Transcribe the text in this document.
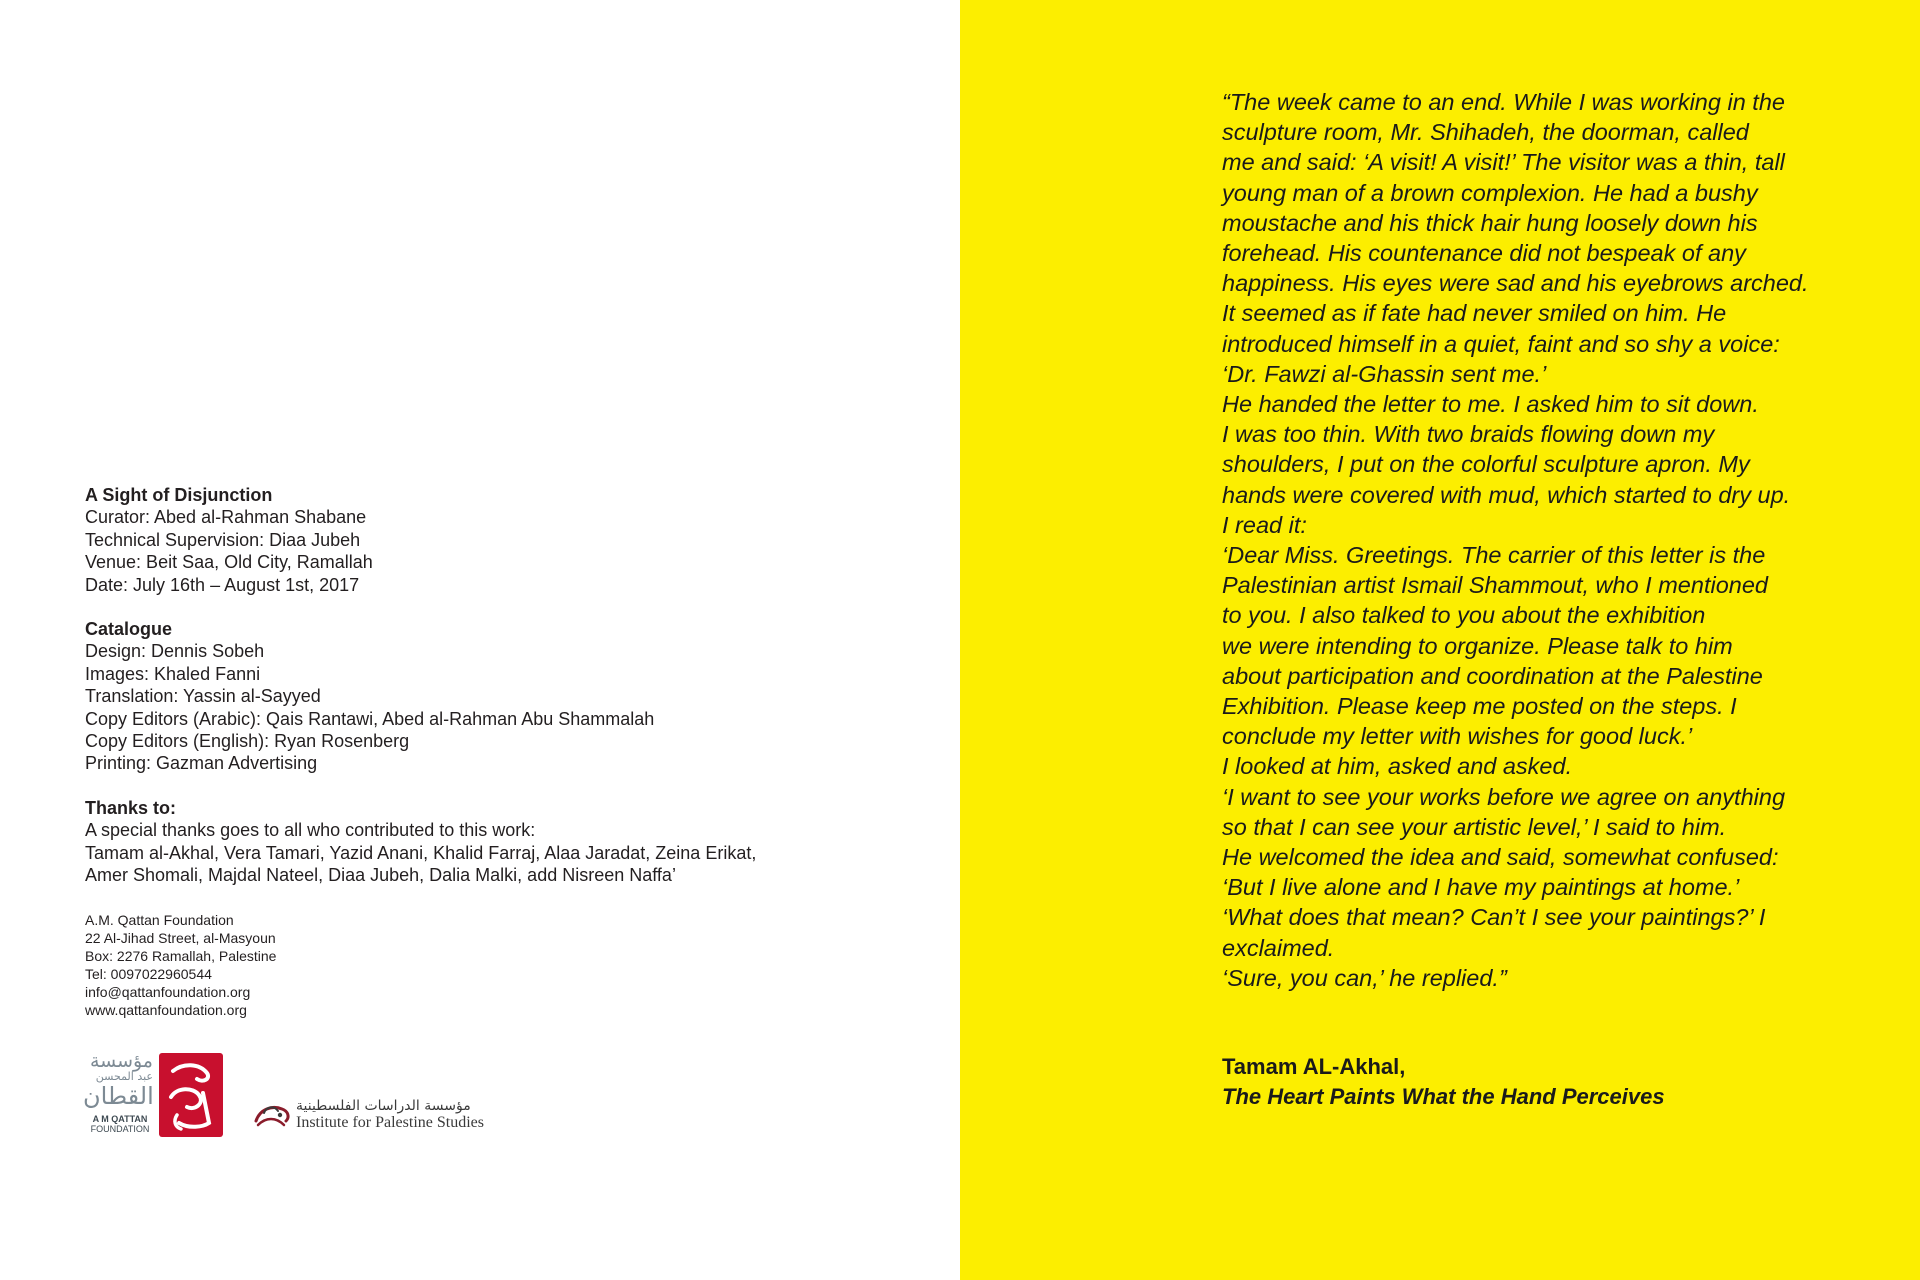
A Sight of Disjunction
Curator: Abed al-Rahman Shabane
Technical Supervision: Diaa Jubeh
Venue: Beit Saa, Old City, Ramallah
Date: July 16th – August 1st, 2017
Catalogue
Design: Dennis Sobeh
Images: Khaled Fanni
Translation: Yassin al-Sayyed
Copy Editors (Arabic): Qais Rantawi, Abed al-Rahman Abu Shammalah
Copy Editors (English): Ryan Rosenberg
Printing: Gazman Advertising
Thanks to:
A special thanks goes to all who contributed to this work:
Tamam al-Akhal, Vera Tamari, Yazid Anani, Khalid Farraj, Alaa Jaradat, Zeina Erikat,
Amer Shomali, Majdal Nateel, Diaa Jubeh, Dalia Malki, add Nisreen Naffa’
A.M. Qattan Foundation
22 Al-Jihad Street, al-Masyoun
Box: 2276 Ramallah, Palestine
Tel: 0097022960544
info@qattanfoundation.org
www.qattanfoundation.org
مؤسسة
عبد المحسن
القطان
A M QATTAN
FOUNDATION
مؤسسة الدراسات الفلسطينية
Institute for Palestine Studies
“The week came to an end. While I was working in the
sculpture room, Mr. Shihadeh, the doorman, called
me and said: ‘A visit! A visit!’ The visitor was a thin, tall
young man of a brown complexion. He had a bushy
moustache and his thick hair hung loosely down his
forehead. His countenance did not bespeak of any
happiness. His eyes were sad and his eyebrows arched.
It seemed as if fate had never smiled on him. He
introduced himself in a quiet, faint and so shy a voice:
‘Dr. Fawzi al-Ghassin sent me.’
He handed the letter to me. I asked him to sit down.
I was too thin. With two braids flowing down my
shoulders, I put on the colorful sculpture apron. My
hands were covered with mud, which started to dry up.
I read it:
‘Dear Miss. Greetings. The carrier of this letter is the
Palestinian artist Ismail Shammout, who I mentioned
to you. I also talked to you about the exhibition
we were intending to organize. Please talk to him
about participation and coordination at the Palestine
Exhibition. Please keep me posted on the steps. I
conclude my letter with wishes for good luck.’
I looked at him, asked and asked.
‘I want to see your works before we agree on anything
so that I can see your artistic level,’ I said to him.
He welcomed the idea and said, somewhat confused:
‘But I live alone and I have my paintings at home.’
‘What does that mean? Can’t I see your paintings?’ I
exclaimed.
‘Sure, you can,’ he replied.”
Tamam AL-Akhal,
The Heart Paints What the Hand Perceives
